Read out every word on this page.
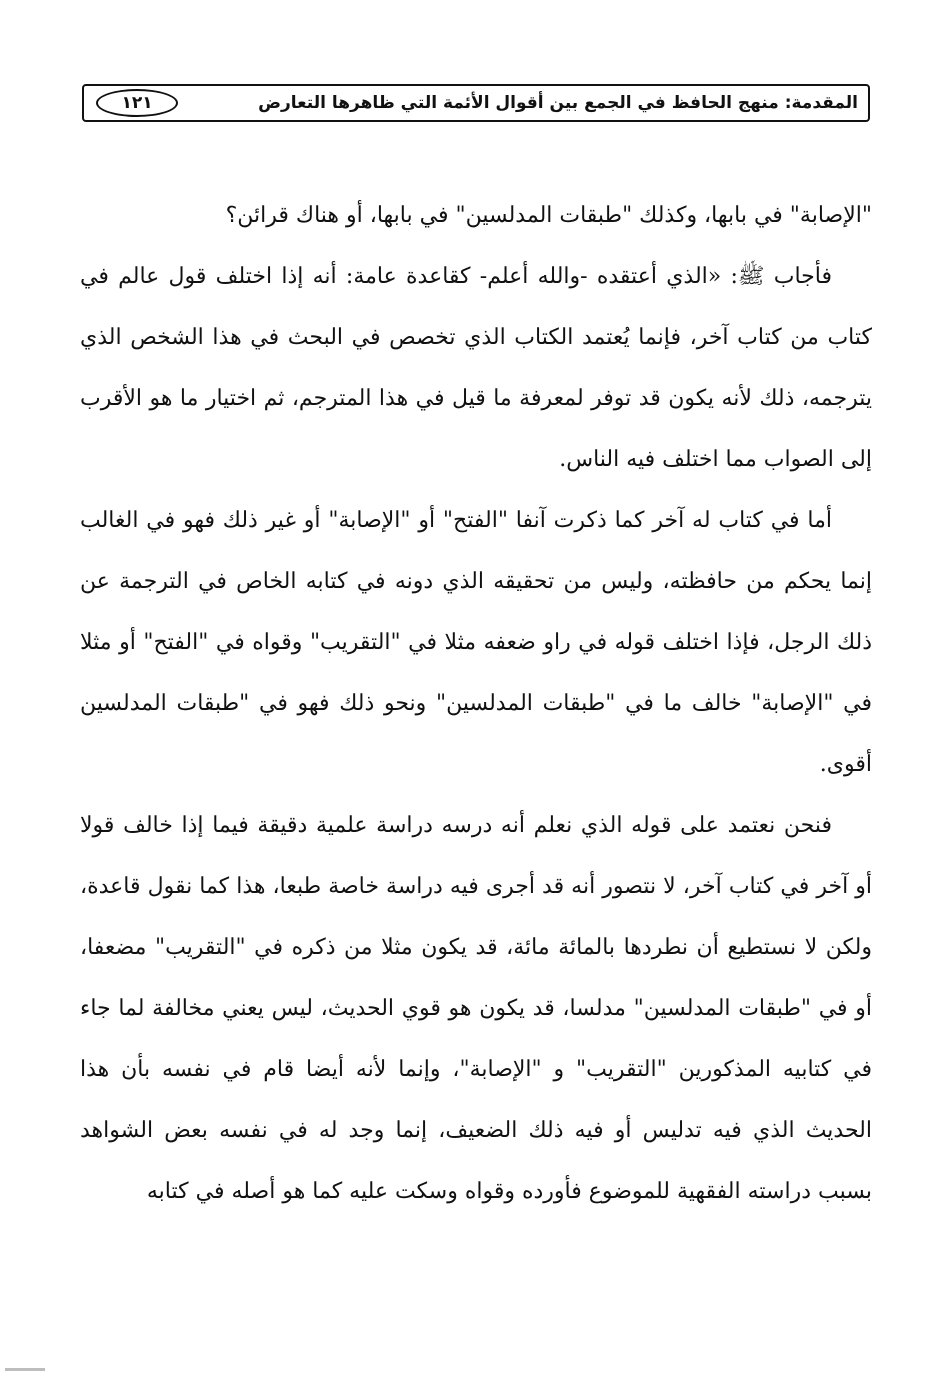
المقدمة: منهج الحافظ في الجمع بين أقوال الأئمة التي ظاهرها التعارض
١٢١

"الإصابة" في بابها، وكذلك "طبقات المدلسين" في بابها، أو هناك قرائن؟

فأجاب ﷺ: «الذي أعتقده -والله أعلم- كقاعدة عامة: أنه إذا اختلف قول عالم في كتاب من كتاب آخر، فإنما يُعتمد الكتاب الذي تخصص في البحث في هذا الشخص الذي يترجمه، ذلك لأنه يكون قد توفر لمعرفة ما قيل في هذا المترجم، ثم اختيار ما هو الأقرب إلى الصواب مما اختلف فيه الناس.

أما في كتاب له آخر كما ذكرت آنفا "الفتح" أو "الإصابة" أو غير ذلك فهو في الغالب إنما يحكم من حافظته، وليس من تحقيقه الذي دونه في كتابه الخاص في الترجمة عن ذلك الرجل، فإذا اختلف قوله في راو ضعفه مثلا في "التقريب" وقواه في "الفتح" أو مثلا في "الإصابة" خالف ما في "طبقات المدلسين" ونحو ذلك فهو في "طبقات المدلسين أقوى.

فنحن نعتمد على قوله الذي نعلم أنه درسه دراسة علمية دقيقة فيما إذا خالف قولا أو آخر في كتاب آخر، لا نتصور أنه قد أجرى فيه دراسة خاصة طبعا، هذا كما نقول قاعدة، ولكن لا نستطيع أن نطردها بالمائة مائة، قد يكون مثلا من ذكره في "التقريب" مضعفا، أو في "طبقات المدلسين" مدلسا، قد يكون هو قوي الحديث، ليس يعني مخالفة لما جاء في كتابيه المذكورين "التقريب" و "الإصابة"، وإنما لأنه أيضا قام في نفسه بأن هذا الحديث الذي فيه تدليس أو فيه ذلك الضعيف، إنما وجد له في نفسه بعض الشواهد بسبب دراسته الفقهية للموضوع فأورده وقواه وسكت عليه كما هو أصله في كتابه
